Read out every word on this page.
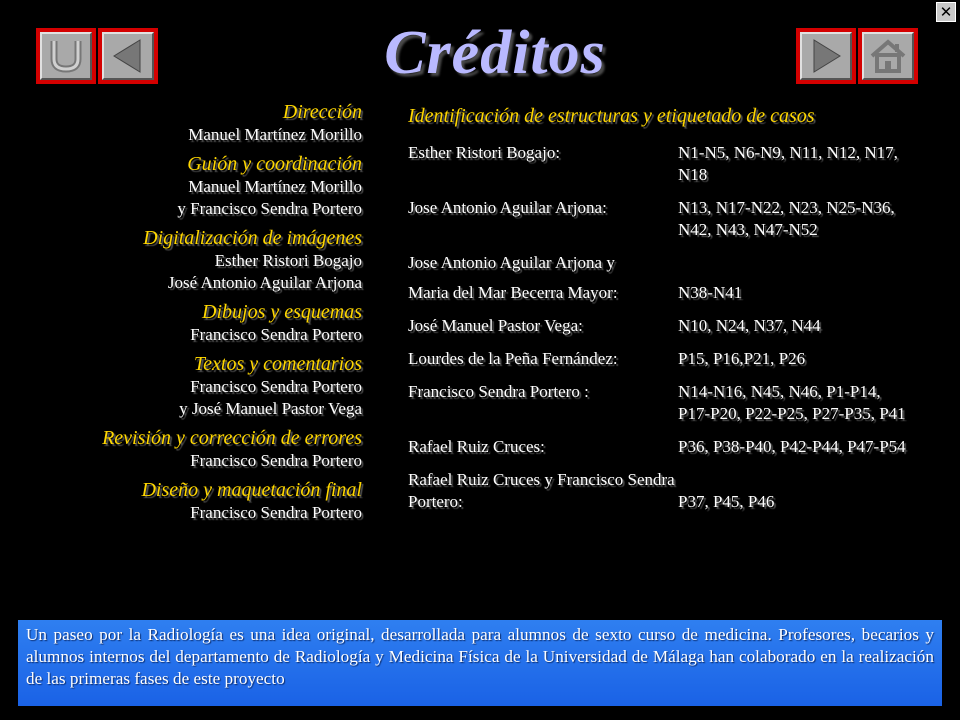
✕
Créditos
Dirección
Manuel Martínez Morillo
Guión y coordinación
Manuel Martínez Morillo
y Francisco Sendra Portero
Digitalización de imágenes
Esther Ristori Bogajo
José Antonio Aguilar Arjona
Dibujos y esquemas
Francisco Sendra Portero
Textos y comentarios
Francisco Sendra Portero
y José Manuel Pastor Vega
Revisión y corrección de errores
Francisco Sendra Portero
Diseño y maquetación final
Francisco Sendra Portero
Identificación de estructuras y etiquetado de casos
Esther Ristori Bogajo:	N1-N5, N6-N9, N11, N12, N17, N18
Jose Antonio Aguilar Arjona:	N13, N17-N22, N23, N25-N36, N42, N43, N47-N52
Jose Antonio Aguilar Arjona y
Maria del Mar Becerra Mayor:	N38-N41
José Manuel Pastor Vega:	N10, N24, N37, N44
Lourdes de la Peña Fernández:	P15, P16,P21, P26
Francisco Sendra Portero :	N14-N16, N45, N46, P1-P14, P17-P20, P22-P25, P27-P35, P41
Rafael Ruiz Cruces:	P36, P38-P40, P42-P44, P47-P54
Rafael Ruiz Cruces y Francisco Sendra Portero:	P37, P45, P46
Un paseo por la Radiología es una idea original, desarrollada para alumnos de sexto curso de medicina. Profesores, becarios y alumnos internos del departamento de Radiología y Medicina Física de la Universidad de Málaga han colaborado en la realización de las primeras fases de este proyecto
